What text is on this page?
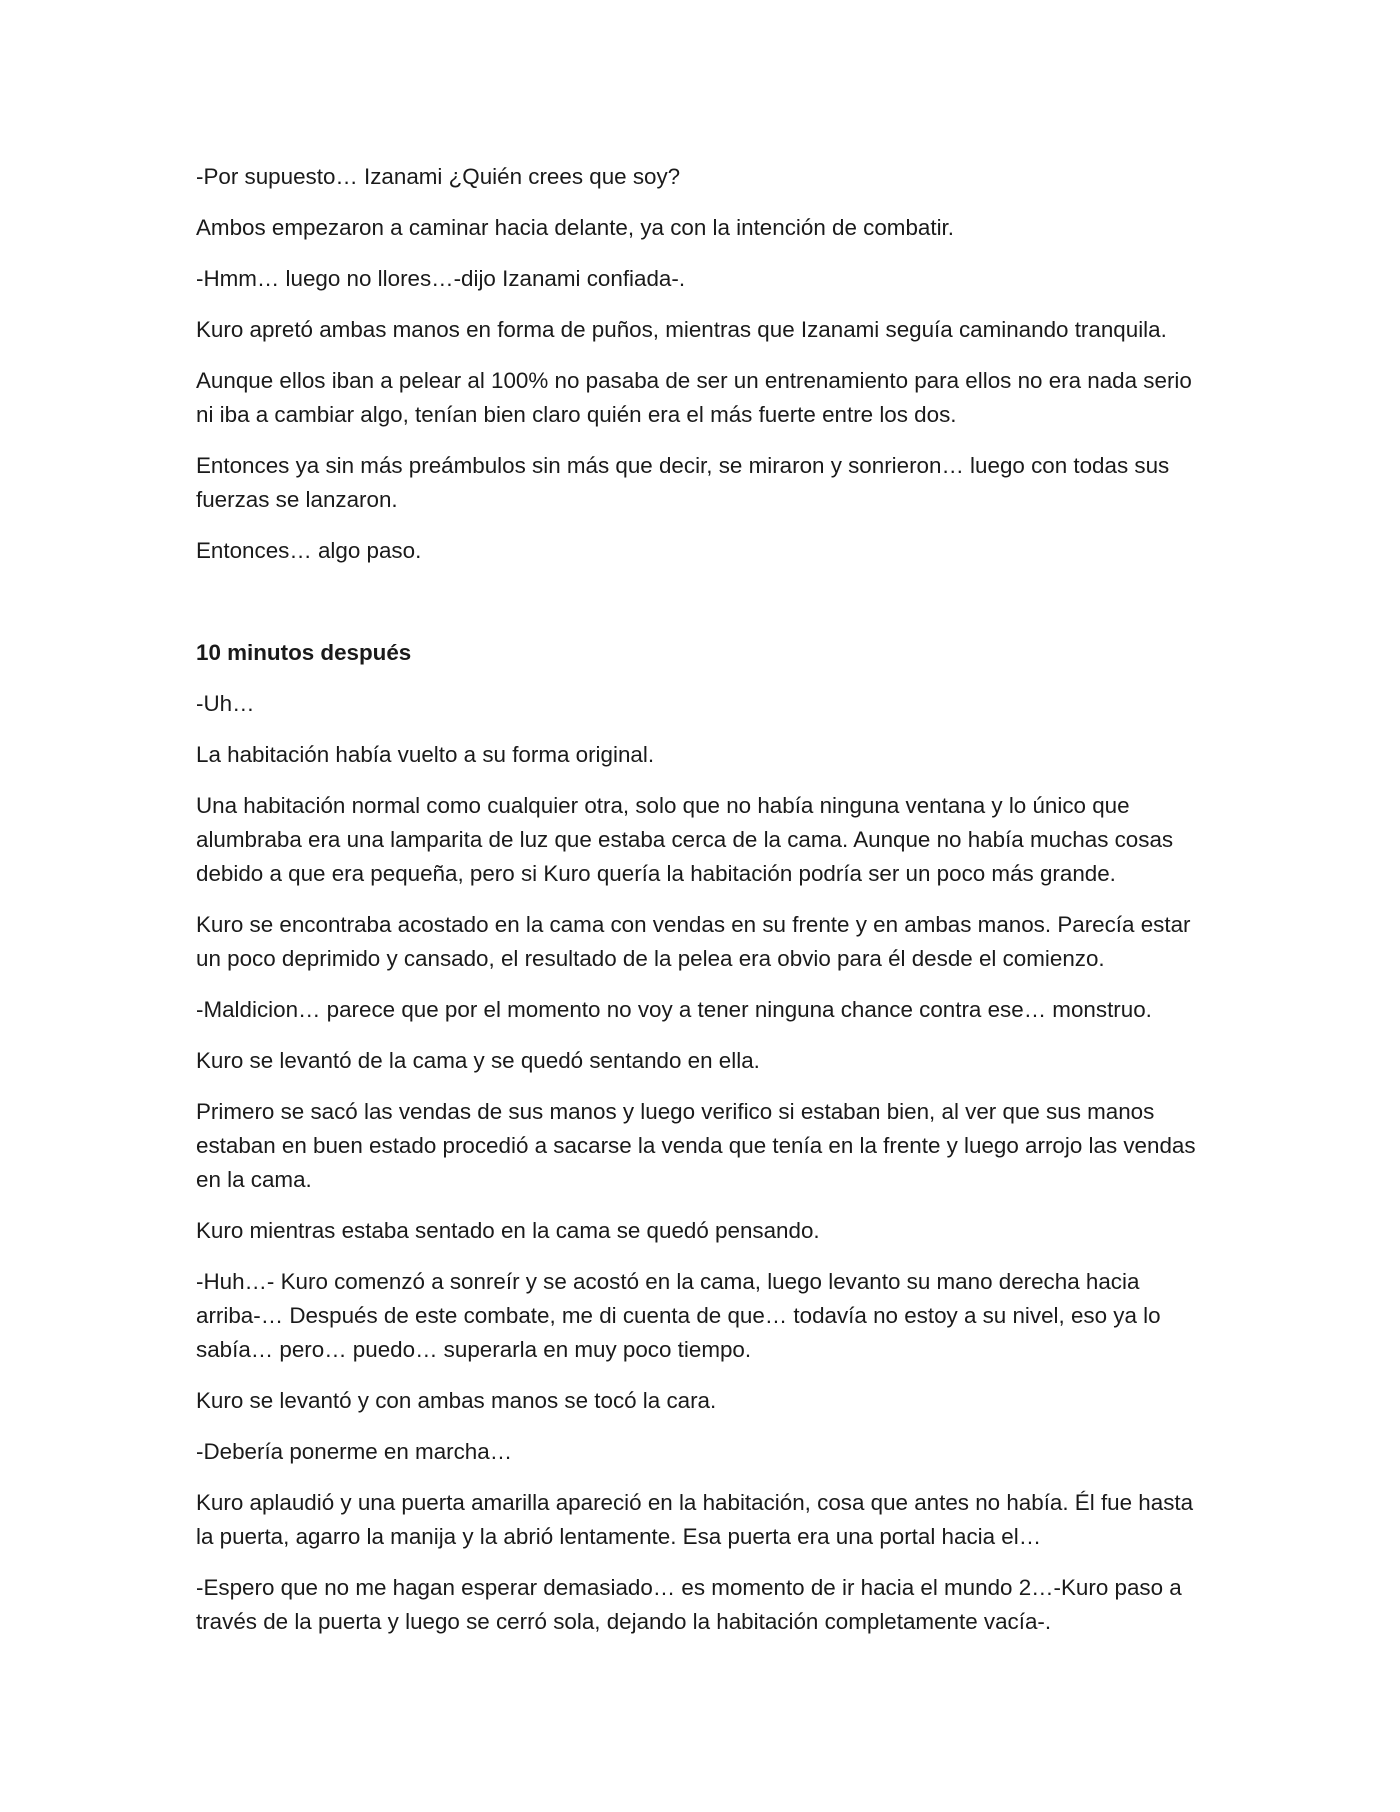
-Por supuesto… Izanami ¿Quién crees que soy?

Ambos empezaron a caminar hacia delante, ya con la intención de combatir.

-Hmm… luego no llores…-dijo Izanami confiada-.

Kuro apretó ambas manos en forma de puños, mientras que Izanami seguía caminando tranquila.

Aunque ellos iban a pelear al 100% no pasaba de ser un entrenamiento para ellos no era nada serio ni iba a cambiar algo, tenían bien claro quién era el más fuerte entre los dos.

Entonces ya sin más preámbulos sin más que decir, se miraron y sonrieron… luego con todas sus fuerzas se lanzaron.

Entonces… algo paso.

10 minutos después

-Uh…

La habitación había vuelto a su forma original.

Una habitación normal como cualquier otra, solo que no había ninguna ventana y lo único que alumbraba era una lamparita de luz que estaba cerca de la cama. Aunque no había muchas cosas debido a que era pequeña, pero si Kuro quería la habitación podría ser un poco más grande.

Kuro se encontraba acostado en la cama con vendas en su frente y en ambas manos. Parecía estar un poco deprimido y cansado, el resultado de la pelea era obvio para él desde el comienzo.

-Maldicion… parece que por el momento no voy a tener ninguna chance contra ese… monstruo.

Kuro se levantó de la cama y se quedó sentando en ella.

Primero se sacó las vendas de sus manos y luego verifico si estaban bien, al ver que sus manos estaban en buen estado procedió a sacarse la venda que tenía en la frente y luego arrojo las vendas en la cama.

Kuro mientras estaba sentado en la cama se quedó pensando.

-Huh…- Kuro comenzó a sonreír y se acostó en la cama, luego levanto su mano derecha hacia arriba-… Después de este combate, me di cuenta de que… todavía no estoy a su nivel, eso ya lo sabía… pero… puedo… superarla en muy poco tiempo.

Kuro se levantó y con ambas manos se tocó la cara.

-Debería ponerme en marcha…

Kuro aplaudió y una puerta amarilla apareció en la habitación, cosa que antes no había. Él fue hasta la puerta, agarro la manija y la abrió lentamente. Esa puerta era una portal hacia el…

-Espero que no me hagan esperar demasiado… es momento de ir hacia el mundo 2…-Kuro paso a través de la puerta y luego se cerró sola, dejando la habitación completamente vacía-.
